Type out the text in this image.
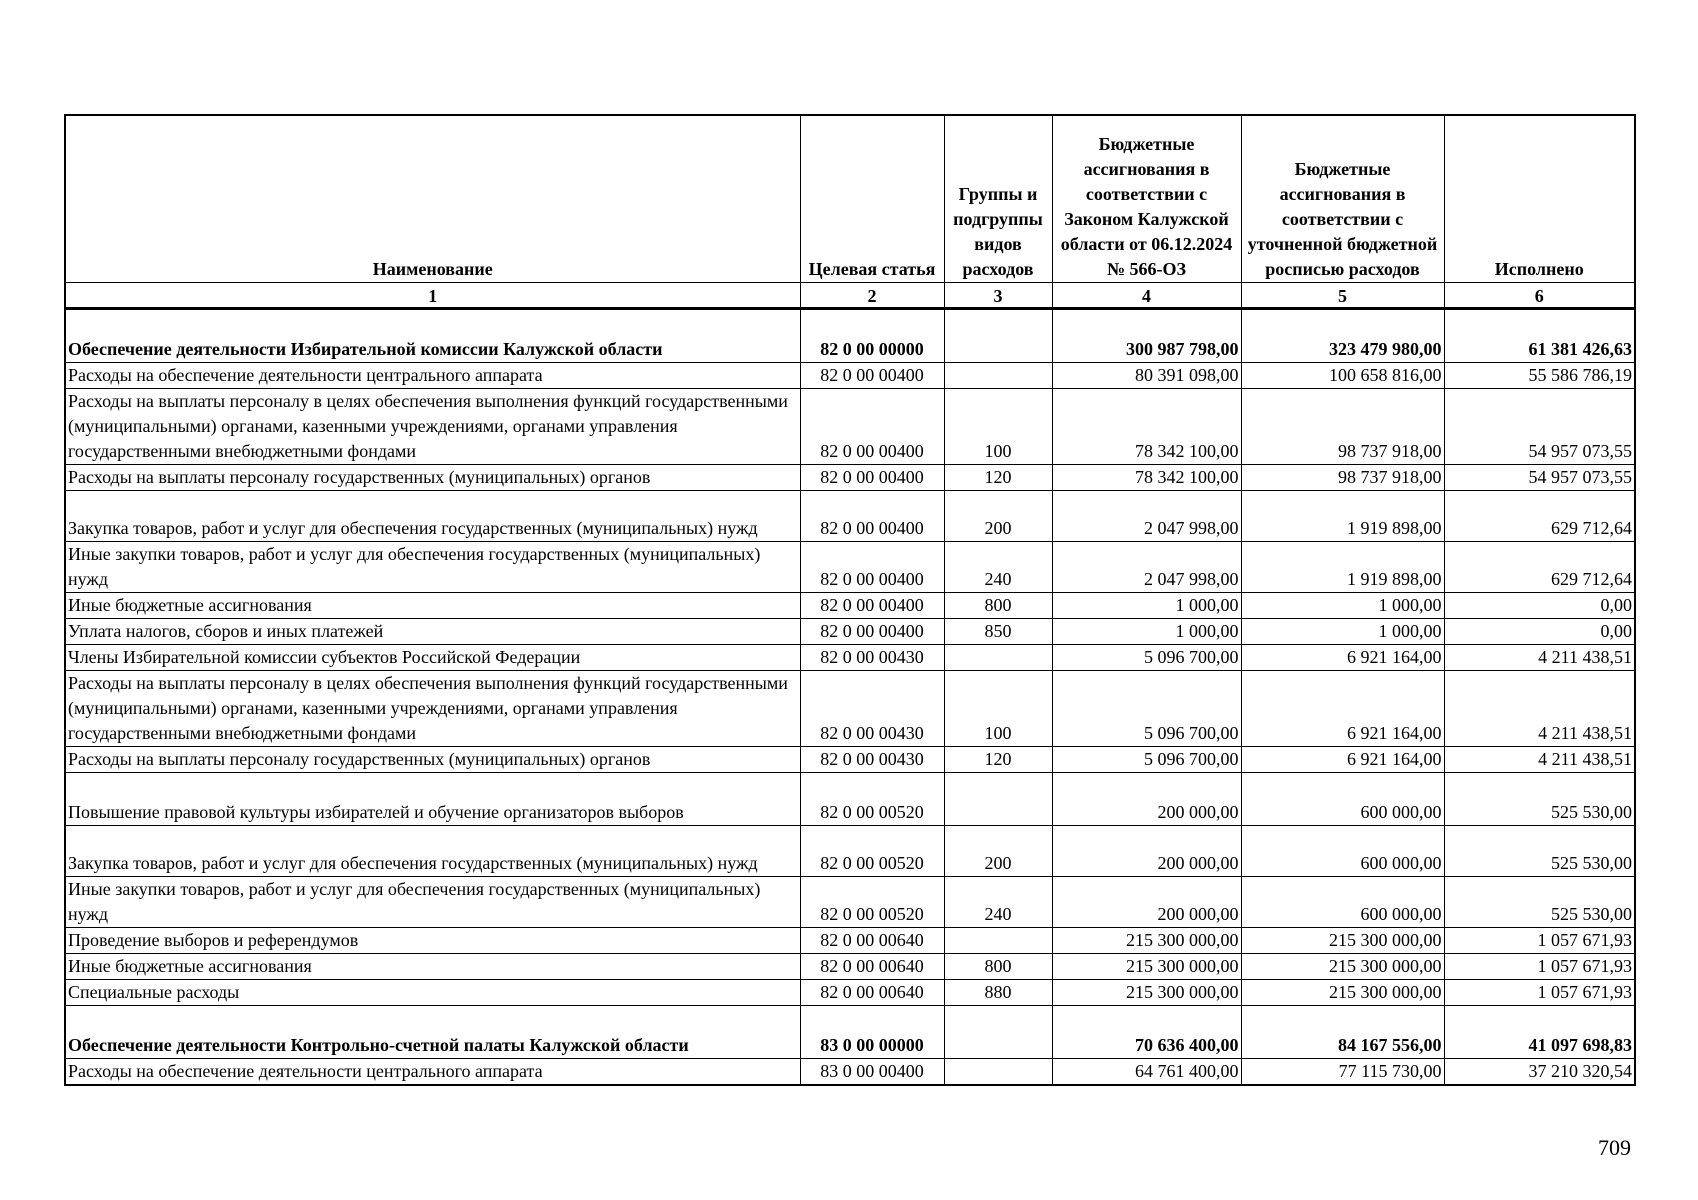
Наименование	Целевая статья	Группы и подгруппы видов расходов	Бюджетные ассигнования в соответствии с Законом Калужской области от 06.12.2024 № 566-ОЗ	Бюджетные ассигнования в соответствии с уточненной бюджетной росписью расходов	Исполнено
1	2	3	4	5	6
Обеспечение деятельности Избирательной комиссии Калужской области	82 0 00 00000		300 987 798,00	323 479 980,00	61 381 426,63
Расходы на обеспечение деятельности центрального аппарата	82 0 00 00400		80 391 098,00	100 658 816,00	55 586 786,19
Расходы на выплаты персоналу в целях обеспечения выполнения функций государственными (муниципальными) органами, казенными учреждениями, органами управления государственными внебюджетными фондами	82 0 00 00400	100	78 342 100,00	98 737 918,00	54 957 073,55
Расходы на выплаты персоналу государственных (муниципальных) органов	82 0 00 00400	120	78 342 100,00	98 737 918,00	54 957 073,55
Закупка товаров, работ и услуг для обеспечения государственных (муниципальных) нужд	82 0 00 00400	200	2 047 998,00	1 919 898,00	629 712,64
Иные закупки товаров, работ и услуг для обеспечения государственных (муниципальных) нужд	82 0 00 00400	240	2 047 998,00	1 919 898,00	629 712,64
Иные бюджетные ассигнования	82 0 00 00400	800	1 000,00	1 000,00	0,00
Уплата налогов, сборов и иных платежей	82 0 00 00400	850	1 000,00	1 000,00	0,00
Члены Избирательной комиссии субъектов Российской Федерации	82 0 00 00430		5 096 700,00	6 921 164,00	4 211 438,51
Расходы на выплаты персоналу в целях обеспечения выполнения функций государственными (муниципальными) органами, казенными учреждениями, органами управления государственными внебюджетными фондами	82 0 00 00430	100	5 096 700,00	6 921 164,00	4 211 438,51
Расходы на выплаты персоналу государственных (муниципальных) органов	82 0 00 00430	120	5 096 700,00	6 921 164,00	4 211 438,51
Повышение правовой культуры избирателей и обучение организаторов выборов	82 0 00 00520		200 000,00	600 000,00	525 530,00
Закупка товаров, работ и услуг для обеспечения государственных (муниципальных) нужд	82 0 00 00520	200	200 000,00	600 000,00	525 530,00
Иные закупки товаров, работ и услуг для обеспечения государственных (муниципальных) нужд	82 0 00 00520	240	200 000,00	600 000,00	525 530,00
Проведение выборов и референдумов	82 0 00 00640		215 300 000,00	215 300 000,00	1 057 671,93
Иные бюджетные ассигнования	82 0 00 00640	800	215 300 000,00	215 300 000,00	1 057 671,93
Специальные расходы	82 0 00 00640	880	215 300 000,00	215 300 000,00	1 057 671,93
Обеспечение деятельности Контрольно-счетной палаты Калужской области	83 0 00 00000		70 636 400,00	84 167 556,00	41 097 698,83
Расходы на обеспечение деятельности центрального аппарата	83 0 00 00400		64 761 400,00	77 115 730,00	37 210 320,54
709
